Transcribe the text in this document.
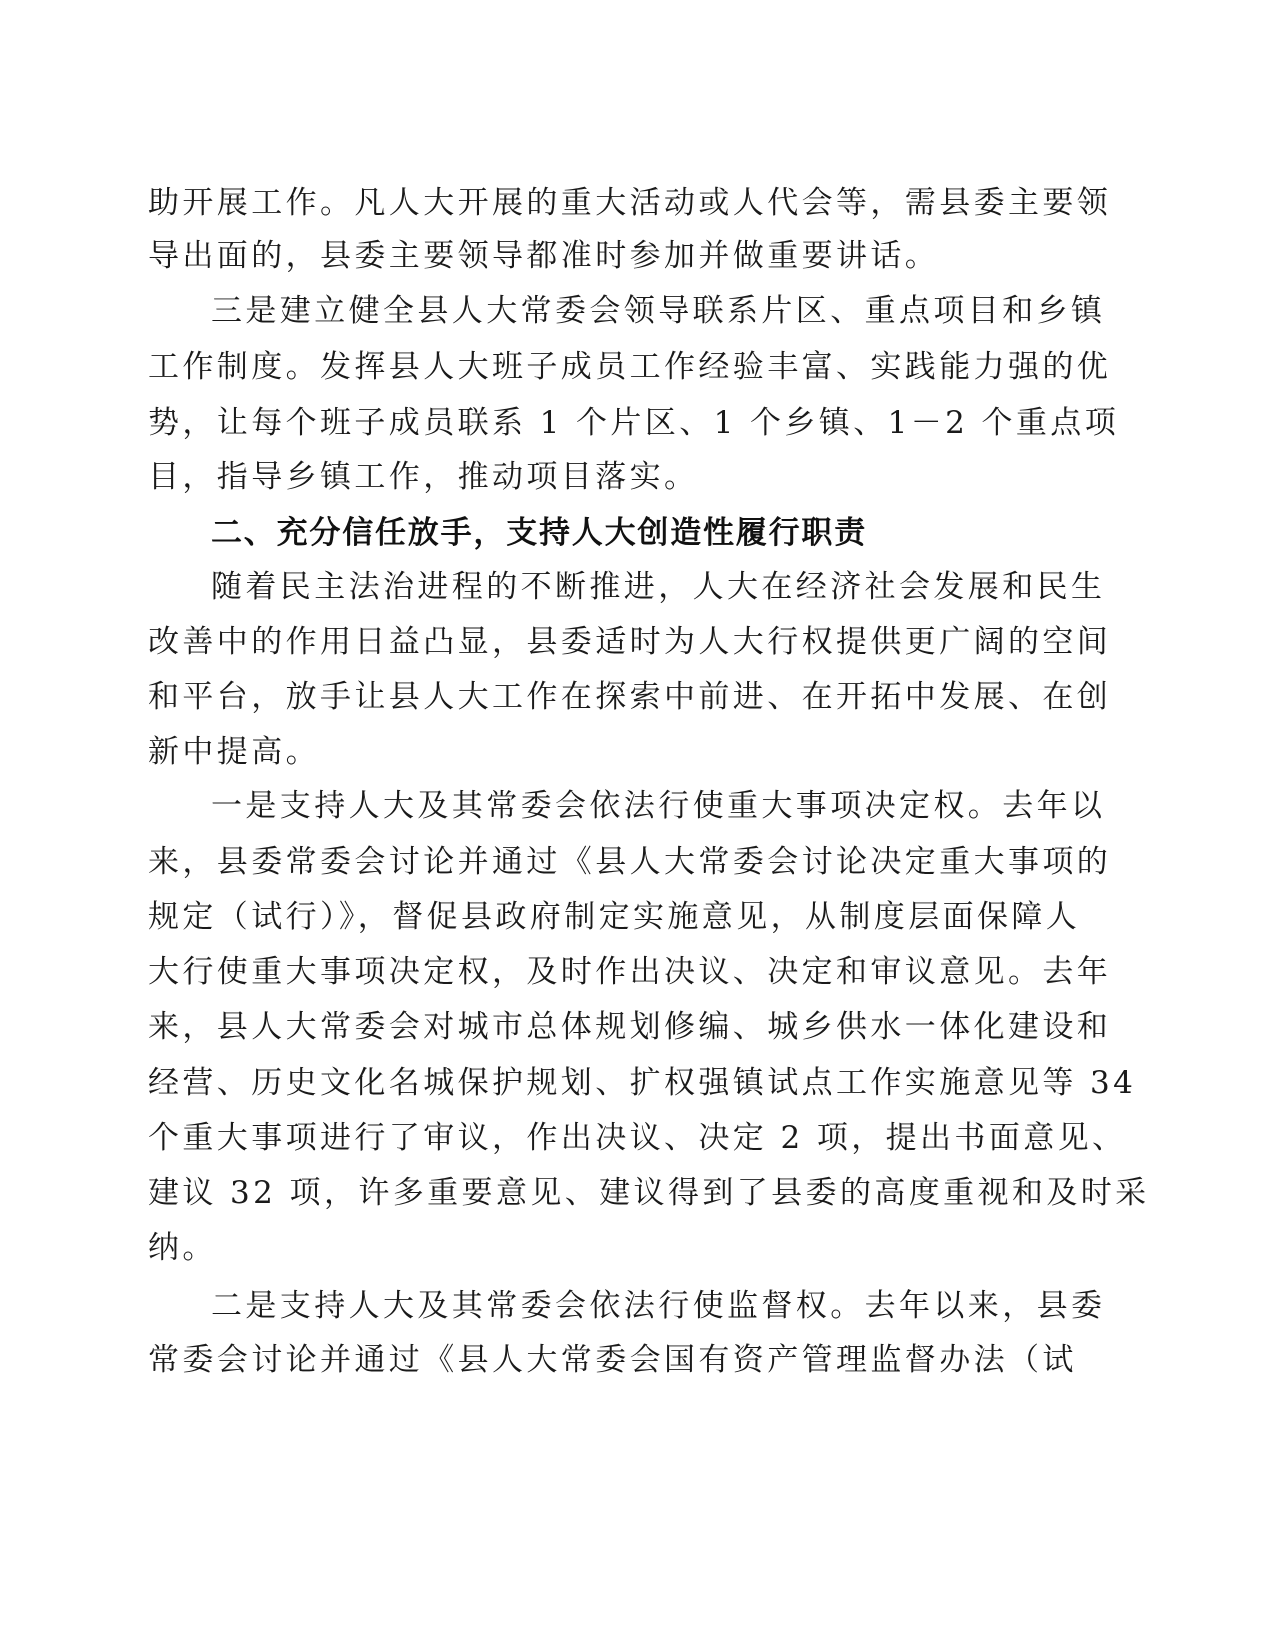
助开展工作。凡人大开展的重大活动或人代会等，需县委主要领
导出面的，县委主要领导都准时参加并做重要讲话。
三是建立健全县人大常委会领导联系片区、重点项目和乡镇
工作制度。发挥县人大班子成员工作经验丰富、实践能力强的优
势，让每个班子成员联系 1 个片区、1 个乡镇、1－2 个重点项
目，指导乡镇工作，推动项目落实。
二、充分信任放手，支持人大创造性履行职责
随着民主法治进程的不断推进，人大在经济社会发展和民生
改善中的作用日益凸显，县委适时为人大行权提供更广阔的空间
和平台，放手让县人大工作在探索中前进、在开拓中发展、在创
新中提高。
一是支持人大及其常委会依法行使重大事项决定权。去年以
来，县委常委会讨论并通过《县人大常委会讨论决定重大事项的
规定（试行）》，督促县政府制定实施意见，从制度层面保障人
大行使重大事项决定权，及时作出决议、决定和审议意见。去年
来，县人大常委会对城市总体规划修编、城乡供水一体化建设和
经营、历史文化名城保护规划、扩权强镇试点工作实施意见等 34
个重大事项进行了审议，作出决议、决定 2 项，提出书面意见、
建议 32 项，许多重要意见、建议得到了县委的高度重视和及时采
纳。
二是支持人大及其常委会依法行使监督权。去年以来，县委
常委会讨论并通过《县人大常委会国有资产管理监督办法（试
